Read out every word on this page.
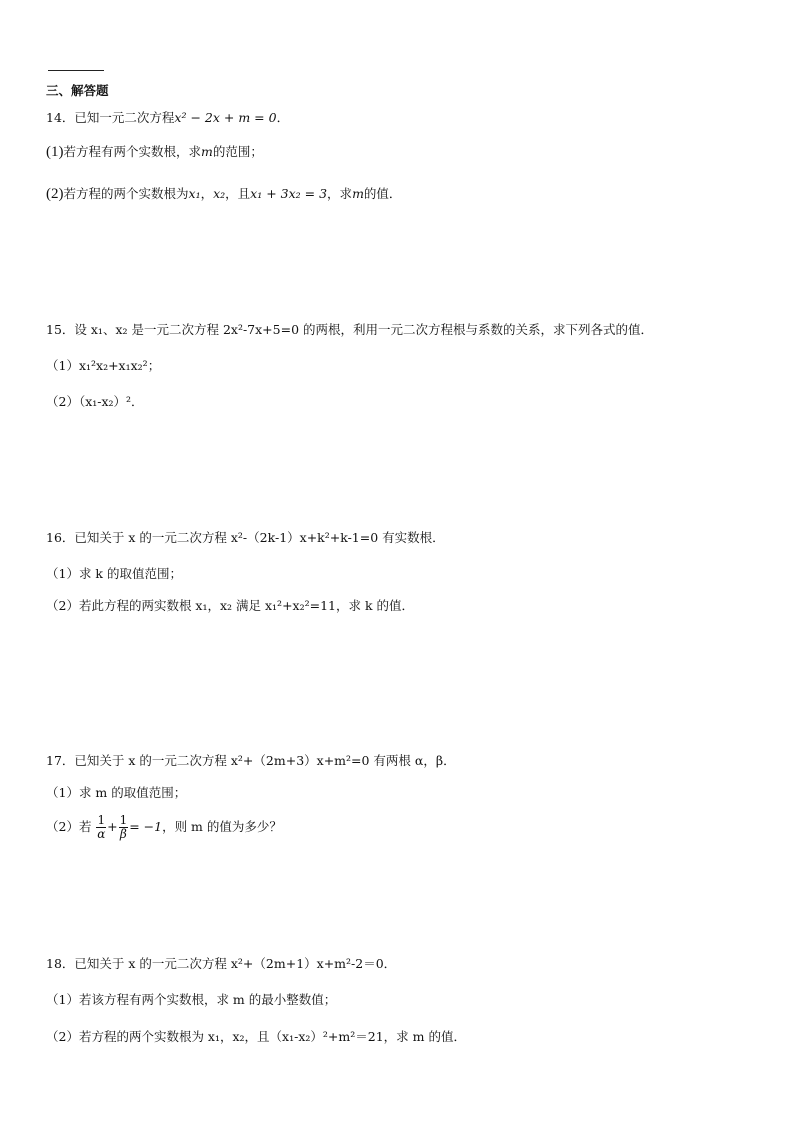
三、解答题
14．已知一元二次方程x² − 2x + m = 0．
(1)若方程有两个实数根，求m的范围；
(2)若方程的两个实数根为x₁，x₂，且x₁ + 3x₂ = 3，求m的值．
15．设 x₁、x₂ 是一元二次方程 2x²-7x+5=0 的两根，利用一元二次方程根与系数的关系，求下列各式的值．
（1）x₁²x₂+x₁x₂²；
（2）（x₁-x₂）²．
16．已知关于 x 的一元二次方程 x²-（2k-1）x+k²+k-1=0 有实数根．
（1）求 k 的取值范围；
（2）若此方程的两实数根 x₁，x₂ 满足 x₁²+x₂²=11，求 k 的值．
17．已知关于 x 的一元二次方程 x²+（2m+3）x+m²=0 有两根 α，β．
（1）求 m 的取值范围；
（2）若 $\frac{1}{\alpha} + \frac{1}{\beta} = -1$，则 m 的值为多少？
18．已知关于 x 的一元二次方程 x²+（2m+1）x+m²-2＝0．
（1）若该方程有两个实数根，求 m 的最小整数值；
（2）若方程的两个实数根为 x₁，x₂，且（x₁-x₂）²+m²＝21，求 m 的值．
